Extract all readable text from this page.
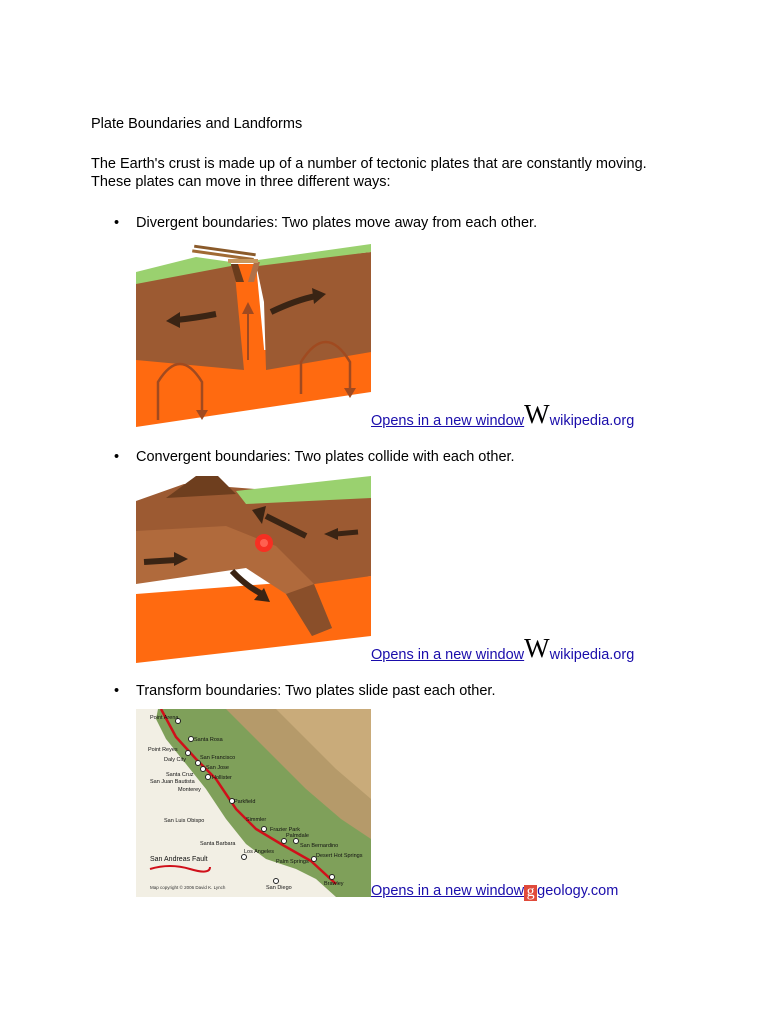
Plate Boundaries and Landforms
The Earth's crust is made up of a number of tectonic plates that are constantly moving.
These plates can move in three different ways:
• Divergent boundaries: Two plates move away from each other.
Opens in a new windowWwikipedia.org
• Convergent boundaries: Two plates collide with each other.
Opens in a new windowWwikipedia.org
• Transform boundaries: Two plates slide past each other.
Point Arena
Santa Rosa
Point Reyes
Daly City	San Francisco
San Jose
Santa Cruz
San Juan Bautista
Monterey
Hollister
Parkfield
San Luis Obispo	Simmler
Santa Barbara
Frazier Park
Palmdale
Los Angeles
San Bernardino
Desert Hot Springs
Palm Springs
Brawley
San Diego
San Andreas Fault
Map copyright © 2006 David K. Lynch	Opens in a new window g geology.com
